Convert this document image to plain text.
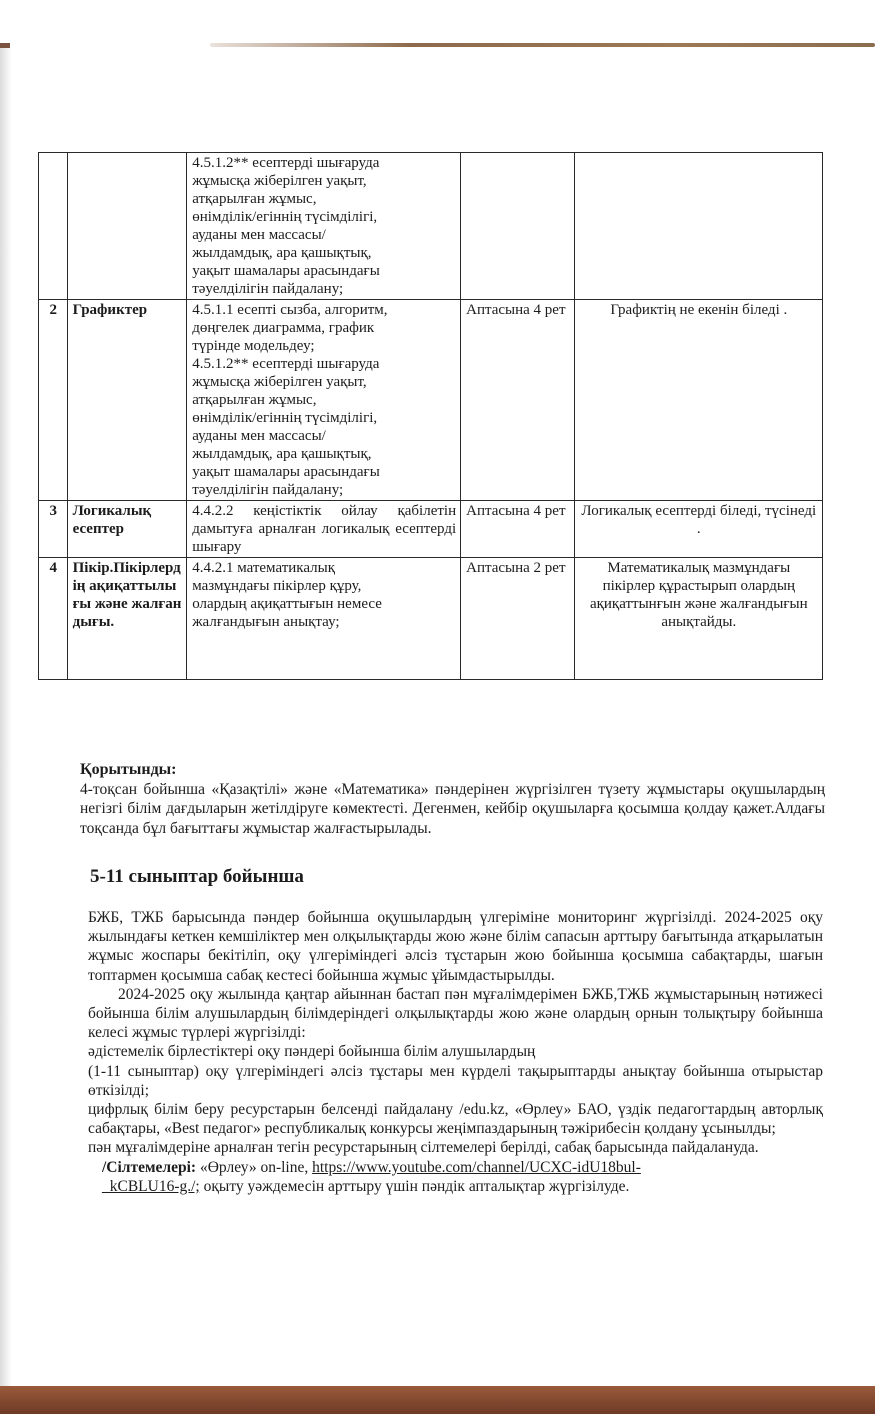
4.5.1.2** есептерді шығаруда
жұмысқа жіберілген уақыт,
атқарылған жұмыс,
өнімділік/егіннің түсімділігі,
ауданы мен массасы/
жылдамдық, ара қашықтық,
уақыт шамалары арасындағы
тәуелділігін пайдалану;

2	Графиктер	4.5.1.1 есепті сызба, алгоритм,
дөңгелек диаграмма, график
түрінде модельдеу;
4.5.1.2** есептерді шығаруда
жұмысқа жіберілген уақыт,
атқарылған жұмыс,
өнімділік/егіннің түсімділігі,
ауданы мен массасы/
жылдамдық, ара қашықтық,
уақыт шамалары арасындағы
тәуелділігін пайдалану;
	Аптасына 4 рет	Графиктің не екенін біледі .
3	Логикалық есептер	4.4.2.2 кеңістіктік ойлау қабілетін дамытуға арналған логикалық есептерді шығару	Аптасына 4 рет	Логикалық есептерді біледі, түсінеді .
4	Пікір.Пікірлердің ақиқаттылығы және жалғандығы.	4.4.2.1 математикалық
мазмұндағы пікірлер құру,
олардың ақиқаттығын немесе
жалғандығын анықтау;	Аптасына 2 рет	Математикалық мазмұндағы пікірлер құрастырып олардың ақиқаттынғын және жалғандығын анықтайды.
Қорытынды:

4-тоқсан бойынша «Қазақтілі» және «Математика» пәндерінен жүргізілген түзету жұмыстары оқушылардың негізгі білім дағдыларын жетілдіруге көмектесті. Дегенмен, кейбір оқушыларға қосымша қолдау қажет.Алдағы тоқсанда бұл бағыттағы жұмыстар жалғастырылады.

5-11 сыныптар бойынша

БЖБ, ТЖБ барысында пәндер бойынша оқушылардың үлгеріміне мониторинг жүргізілді. 2024-2025 оқу жылындағы кеткен кемшіліктер мен олқылықтарды жою және білім сапасын арттыру бағытында атқарылатын жұмыс жоспары бекітіліп, оқу үлгеріміндегі әлсіз тұстарын жою бойынша қосымша сабақтарды, шағын топтармен қосымша сабақ кестесі бойынша жұмыс ұйымдастырылды.

2024-2025 оқу жылында қаңтар айыннан бастап пән мұғалімдерімен БЖБ,ТЖБ жұмыстарының нәтижесі бойынша білім алушылардың білімдеріндегі олқылықтарды жою және олардың орнын толықтыру бойынша келесі жұмыс түрлері жүргізілді:

әдістемелік бірлестіктері оқу пәндері бойынша білім алушылардың

(1-11 сыныптар) оқу үлгеріміндегі әлсіз тұстары мен күрделі тақырыптарды анықтау бойынша отырыстар өткізілді;

цифрлық білім беру ресурстарын белсенді пайдалану /edu.kz, «Өрлеу» БАО, үздік педагогтардың авторлық сабақтары, «Best педагог» республикалық конкурсы жеңімпаздарының тәжірибесін қолдану ұсынылды;

пән мұғалімдеріне арналған тегін ресурстарының сілтемелері берілді, сабақ барысында пайдалануда.

/Сілтемелері: «Өрлеу» on-line, https://www.youtube.com/channel/UCXC-idU18bul-
_kCBLU16-g./; оқыту уәждемесін арттыру үшін пәндік апталықтар жүргізілуде.
